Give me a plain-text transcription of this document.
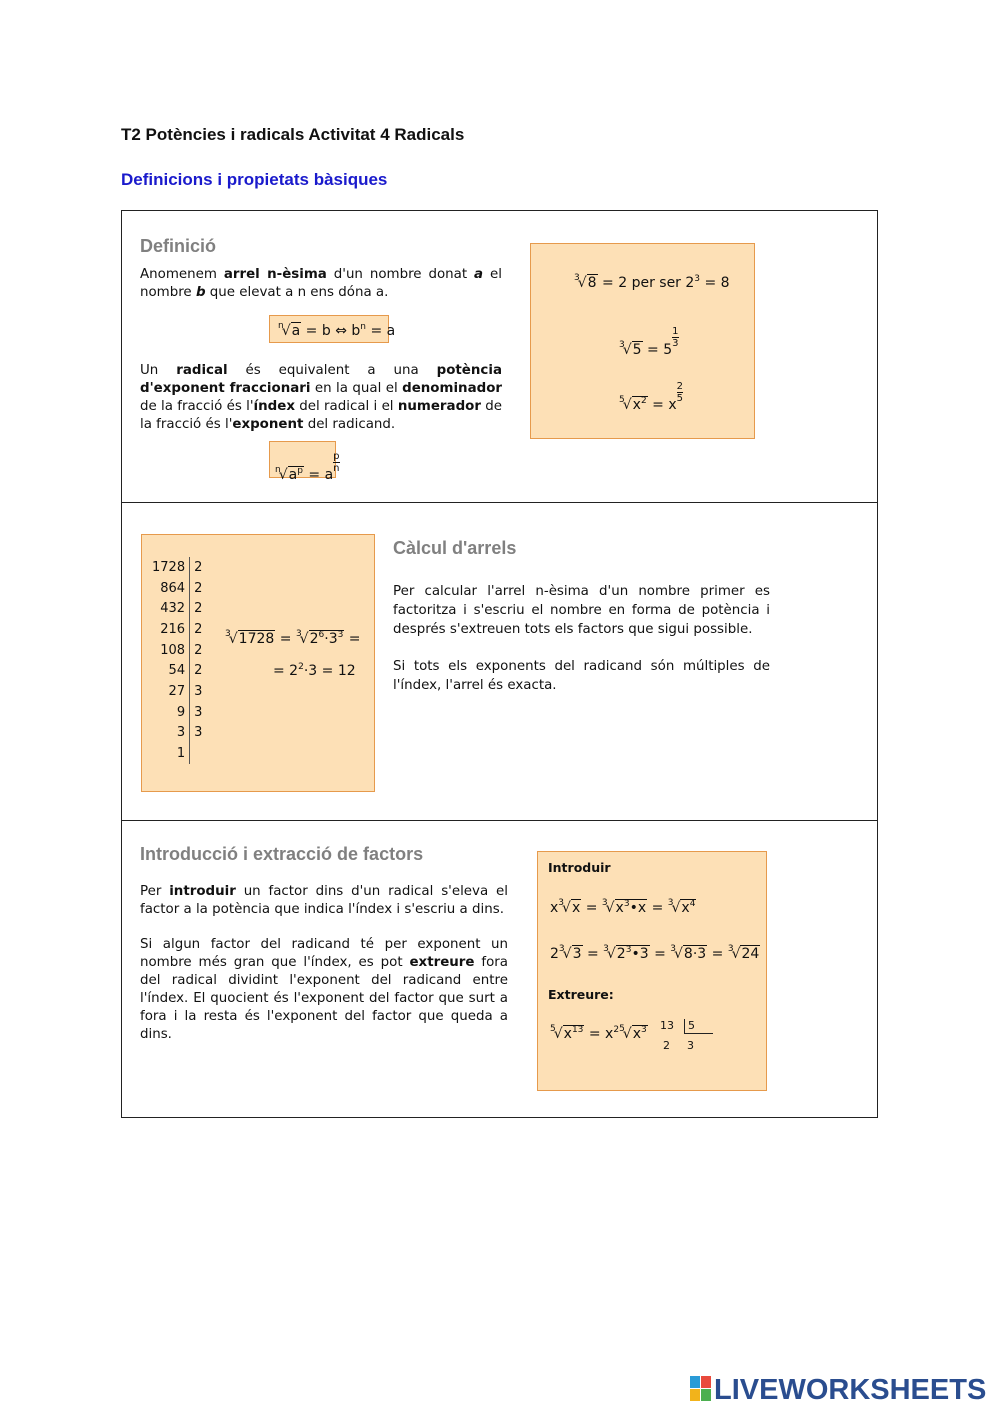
T2 Potències i radicals Activitat 4 Radicals
Definicions i propietats bàsiques
Definició
Anomenem arrel n-èsima d'un nombre donat a el nombre b que elevat a n ens dóna a.
$^n$√a = b ⇔ $b^n = a$
Un radical és equivalent a una potència d'exponent fraccionari en la qual el denominador de la fracció és l'índex del radical i el numerador de la fracció és l'exponent del radicand.
$^n√a^p = a$
$\frac{p}{n}$
$^3$√8 = 2 per ser $2^3 = 8$
$^3$√5 = 5
$\frac{1}{3}$
$^5√x^2 = x$
$\frac{2}{5}$
1728	2
864	2
432	2
216	2
108	2
54	2
27	3
9	3
3	3
1	
$^3√1728 = ^3√2^6\cdot 3^3$ =
= $2^2\cdot 3 = 12$
Càlcul d'arrels
Per calcular l'arrel n-èsima d'un nombre primer es factoritza i s'escriu el nombre en forma de potència i després s'extreuen tots els factors que sigui possible.
Si tots els exponents del radicand són múltiples de l'índex, l'arrel és exacta.
Introducció i extracció de factors
Per introduir un factor dins d'un radical s'eleva el factor a la potència que indica l'índex i s'escriu a dins.
Si algun factor del radicand té per exponent un nombre més gran que l'índex, es pot extreure fora del radical dividint l'exponent del radicand entre l'índex. El quocient és l'exponent del factor que surt a fora i la resta és l'exponent del factor que queda a dins.
Introduir
$x^3√x$ = $^3√x^3•x = ^3√x^4$
$2^3√3$ = $^3√2^3•3 = ^3√8\cdot 3 = ^3√24$
Extreure:
$^5√x^{13} = x^{25}√x^3$ 13	5
2 3
LIVEWORKSHEETS
